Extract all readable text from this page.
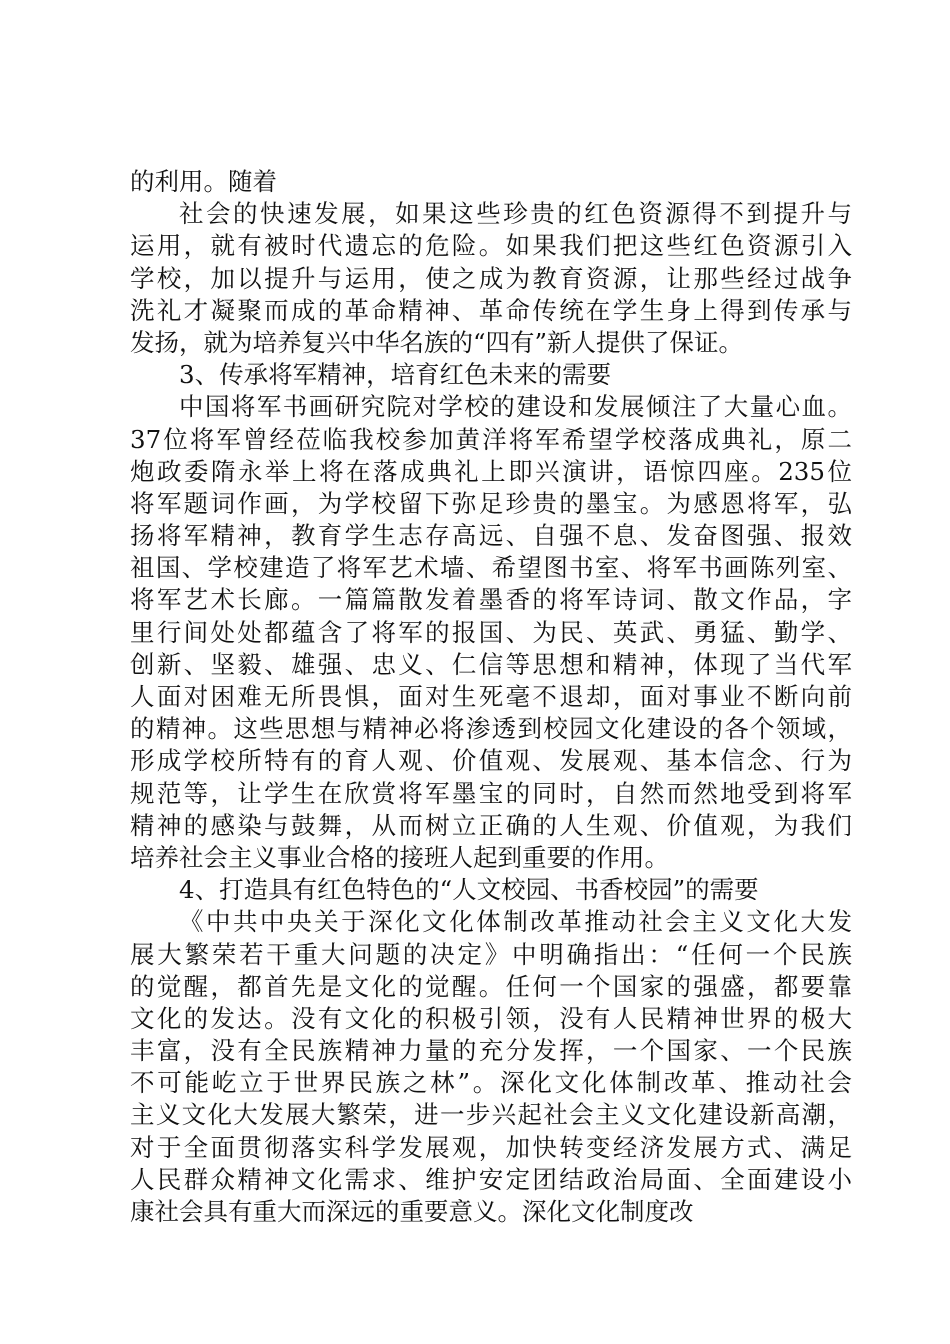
的利用。随着
社会的快速发展，如果这些珍贵的红色资源得不到提升与
运用，就有被时代遗忘的危险。如果我们把这些红色资源引入
学校，加以提升与运用，使之成为教育资源，让那些经过战争
洗礼才凝聚而成的革命精神、革命传统在学生身上得到传承与
发扬，就为培养复兴中华名族的“四有”新人提供了保证。
3、传承将军精神，培育红色未来的需要
中国将军书画研究院对学校的建设和发展倾注了大量心血。
37位将军曾经莅临我校参加黄洋将军希望学校落成典礼，原二
炮政委隋永举上将在落成典礼上即兴演讲，语惊四座。235位
将军题词作画，为学校留下弥足珍贵的墨宝。为感恩将军，弘
扬将军精神，教育学生志存高远、自强不息、发奋图强、报效
祖国、学校建造了将军艺术墙、希望图书室、将军书画陈列室、
将军艺术长廊。一篇篇散发着墨香的将军诗词、散文作品，字
里行间处处都蕴含了将军的报国、为民、英武、勇猛、勤学、
创新、坚毅、雄强、忠义、仁信等思想和精神，体现了当代军
人面对困难无所畏惧，面对生死毫不退却，面对事业不断向前
的精神。这些思想与精神必将渗透到校园文化建设的各个领域，
形成学校所特有的育人观、价值观、发展观、基本信念、行为
规范等，让学生在欣赏将军墨宝的同时，自然而然地受到将军
精神的感染与鼓舞，从而树立正确的人生观、价值观，为我们
培养社会主义事业合格的接班人起到重要的作用。
4、打造具有红色特色的“人文校园、书香校园”的需要
《中共中央关于深化文化体制改革推动社会主义文化大发
展大繁荣若干重大问题的决定》中明确指出：“任何一个民族
的觉醒，都首先是文化的觉醒。任何一个国家的强盛，都要靠
文化的发达。没有文化的积极引领，没有人民精神世界的极大
丰富，没有全民族精神力量的充分发挥，一个国家、一个民族
不可能屹立于世界民族之林”。深化文化体制改革、推动社会
主义文化大发展大繁荣，进一步兴起社会主义文化建设新高潮，
对于全面贯彻落实科学发展观，加快转变经济发展方式、满足
人民群众精神文化需求、维护安定团结政治局面、全面建设小
康社会具有重大而深远的重要意义。深化文化制度改
